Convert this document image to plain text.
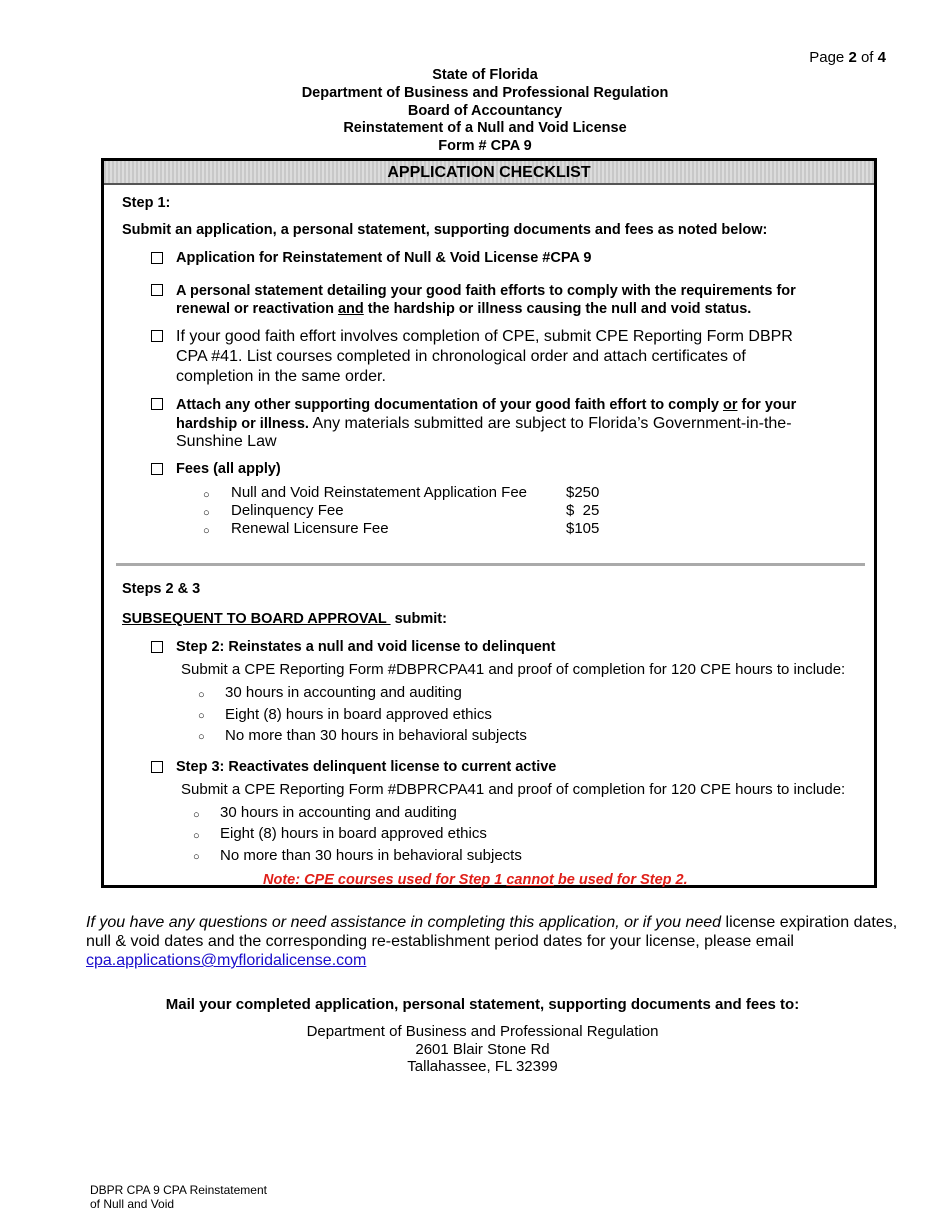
Page 2 of 4
State of Florida
Department of Business and Professional Regulation
Board of Accountancy
Reinstatement of a Null and Void License
Form # CPA 9
APPLICATION CHECKLIST
Step 1:
Submit an application, a personal statement, supporting documents and fees as noted below:
Application for Reinstatement of Null & Void License #CPA 9
A personal statement detailing your good faith efforts to comply with the requirements for
renewal or reactivation and the hardship or illness causing the null and void status.
If your good faith effort involves completion of CPE, submit CPE Reporting Form DBPR
CPA #41. List courses completed in chronological order and attach certificates of
completion in the same order.
Attach any other supporting documentation of your good faith effort to comply or for your
hardship or illness. Any materials submitted are subject to Florida’s Government-in-the-
Sunshine Law
Fees (all apply)
○ Null and Void Reinstatement Application Fee	$250
○ Delinquency Fee	$  25
○ Renewal Licensure Fee	$105
Steps 2 & 3
SUBSEQUENT TO BOARD APPROVAL  submit:
Step 2: Reinstates a null and void license to delinquent
Submit a CPE Reporting Form #DBPRCPA41 and proof of completion for 120 CPE hours to include:
○ 30 hours in accounting and auditing
○ Eight (8) hours in board approved ethics
○ No more than 30 hours in behavioral subjects
Step 3: Reactivates delinquent license to current active
Submit a CPE Reporting Form #DBPRCPA41 and proof of completion for 120 CPE hours to include:
○ 30 hours in accounting and auditing
○ Eight (8) hours in board approved ethics
○ No more than 30 hours in behavioral subjects
Note: CPE courses used for Step 1 cannot be used for Step 2.
If you have any questions or need assistance in completing this application, or if you need license expiration dates,
null & void dates and the corresponding re-establishment period dates for your license, please email
cpa.applications@myfloridalicense.com
Mail your completed application, personal statement, supporting documents and fees to:
Department of Business and Professional Regulation
2601 Blair Stone Rd
Tallahassee, FL 32399
DBPR CPA 9 CPA Reinstatement
of Null and Void
